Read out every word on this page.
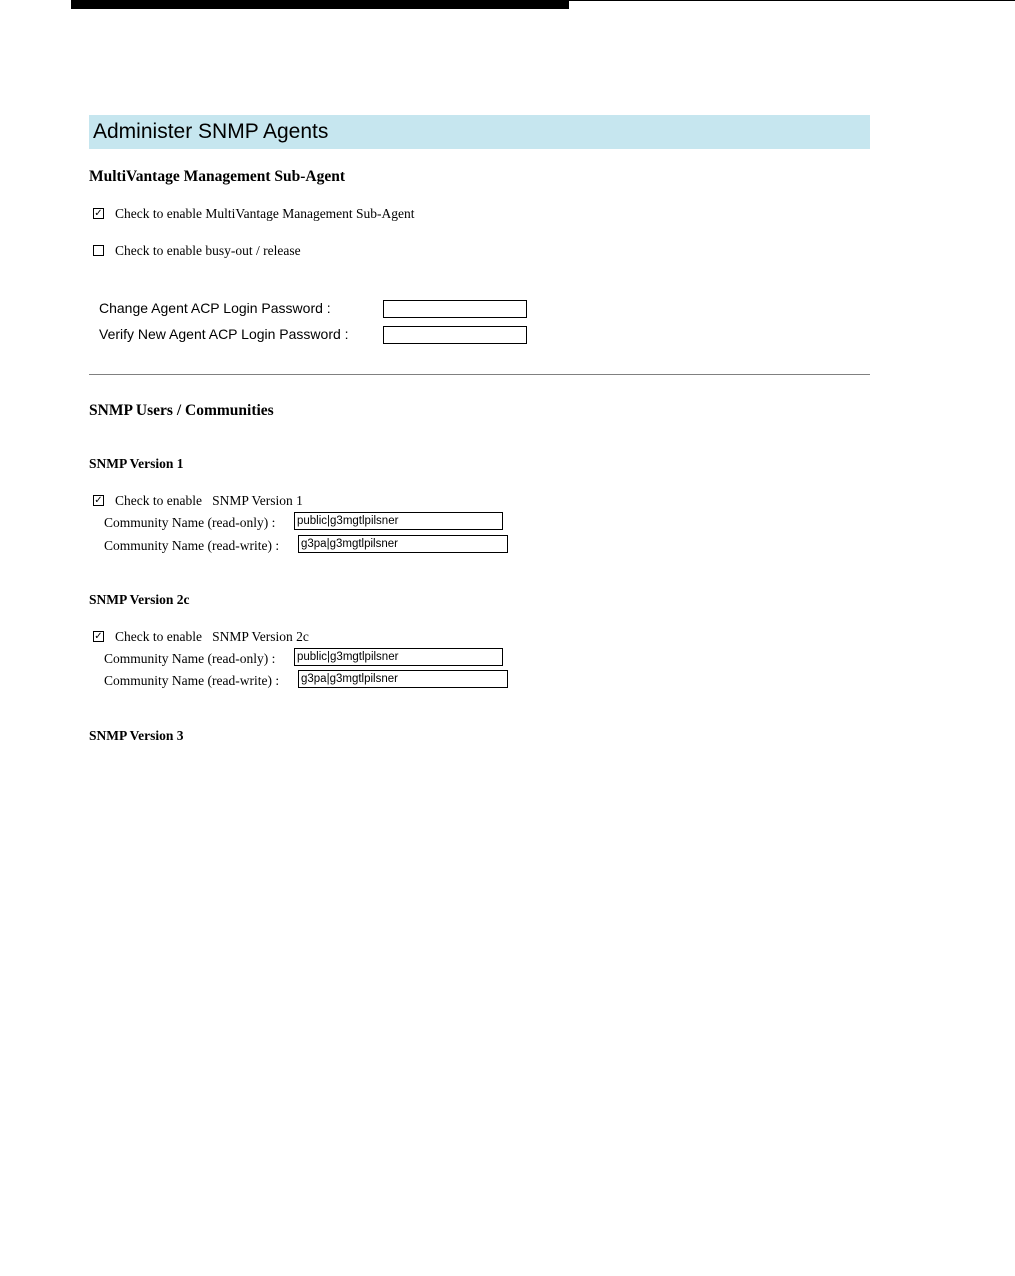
Administer SNMP Agents
MultiVantage Management Sub-Agent
✓ Check to enable MultiVantage Management Sub-Agent
Check to enable busy-out / release
Change Agent ACP Login Password :
Verify New Agent ACP Login Password :
SNMP Users / Communities
SNMP Version 1
✓ Check to enable   SNMP Version 1
Community Name (read-only) : public|g3mgtlpilsner
Community Name (read-write) : g3pa|g3mgtlpilsner
SNMP Version 2c
✓ Check to enable   SNMP Version 2c
Community Name (read-only) : public|g3mgtlpilsner
Community Name (read-write) : g3pa|g3mgtlpilsner
SNMP Version 3
